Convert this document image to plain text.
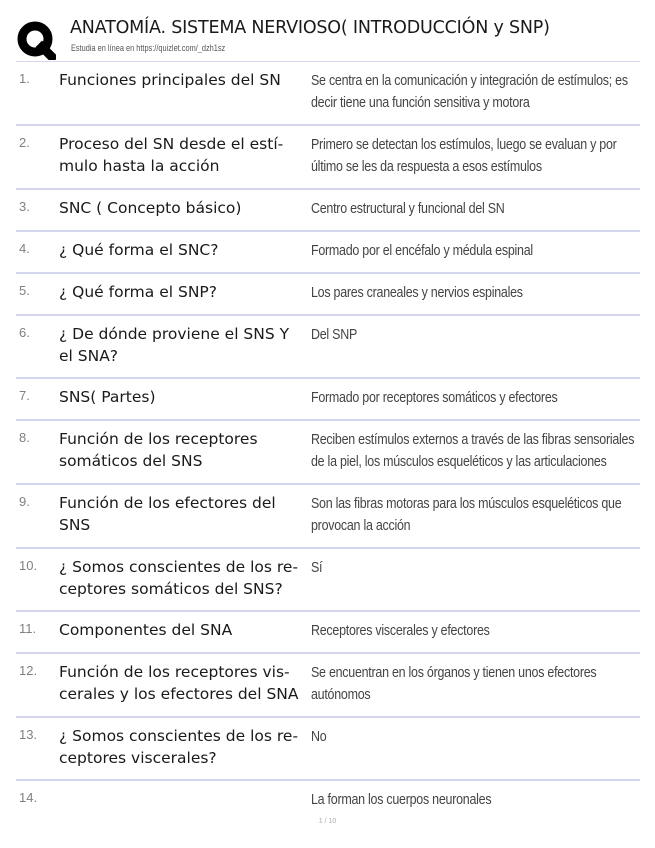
ANATOMÍA. SISTEMA NERVIOSO( INTRODUCCIÓN y SNP)
Estudia en línea en https://quizlet.com/_dzh1sz
1.	Funciones principales del SN	Se centra en la comunicación y integración de estímulos; es decir tiene una función sensitiva y motora
2.	Proceso del SN desde el estímulo hasta la acción	Primero se detectan los estímulos, luego se evaluan y por último se les da respuesta a esos estímulos
3.	SNC ( Concepto básico)	Centro estructural y funcional del SN
4.	¿ Qué forma el SNC?	Formado por el encéfalo y médula espinal
5.	¿ Qué forma el SNP?	Los pares craneales y nervios espinales
6.	¿ De dónde proviene el SNS Y el SNA?	Del SNP
7.	SNS( Partes)	Formado por receptores somáticos y efectores
8.	Función de los receptores somáticos del SNS	Reciben estímulos externos a través de las fibras sensoriales de la piel, los músculos esqueléticos y las articulaciones
9.	Función de los efectores del SNS	Son las fibras motoras para los músculos esqueléticos que provocan la acción
10.	¿ Somos conscientes de los receptores somáticos del SNS?	Sí
11.	Componentes del SNA	Receptores viscerales y efectores
12.	Función de los receptores viscerales y los efectores del SNA	Se encuentran en los órganos y tienen unos efectores autónomos
13.	¿ Somos conscientes de los receptores viscerales?	No
14.		La forman los cuerpos neuronales
1 / 10
